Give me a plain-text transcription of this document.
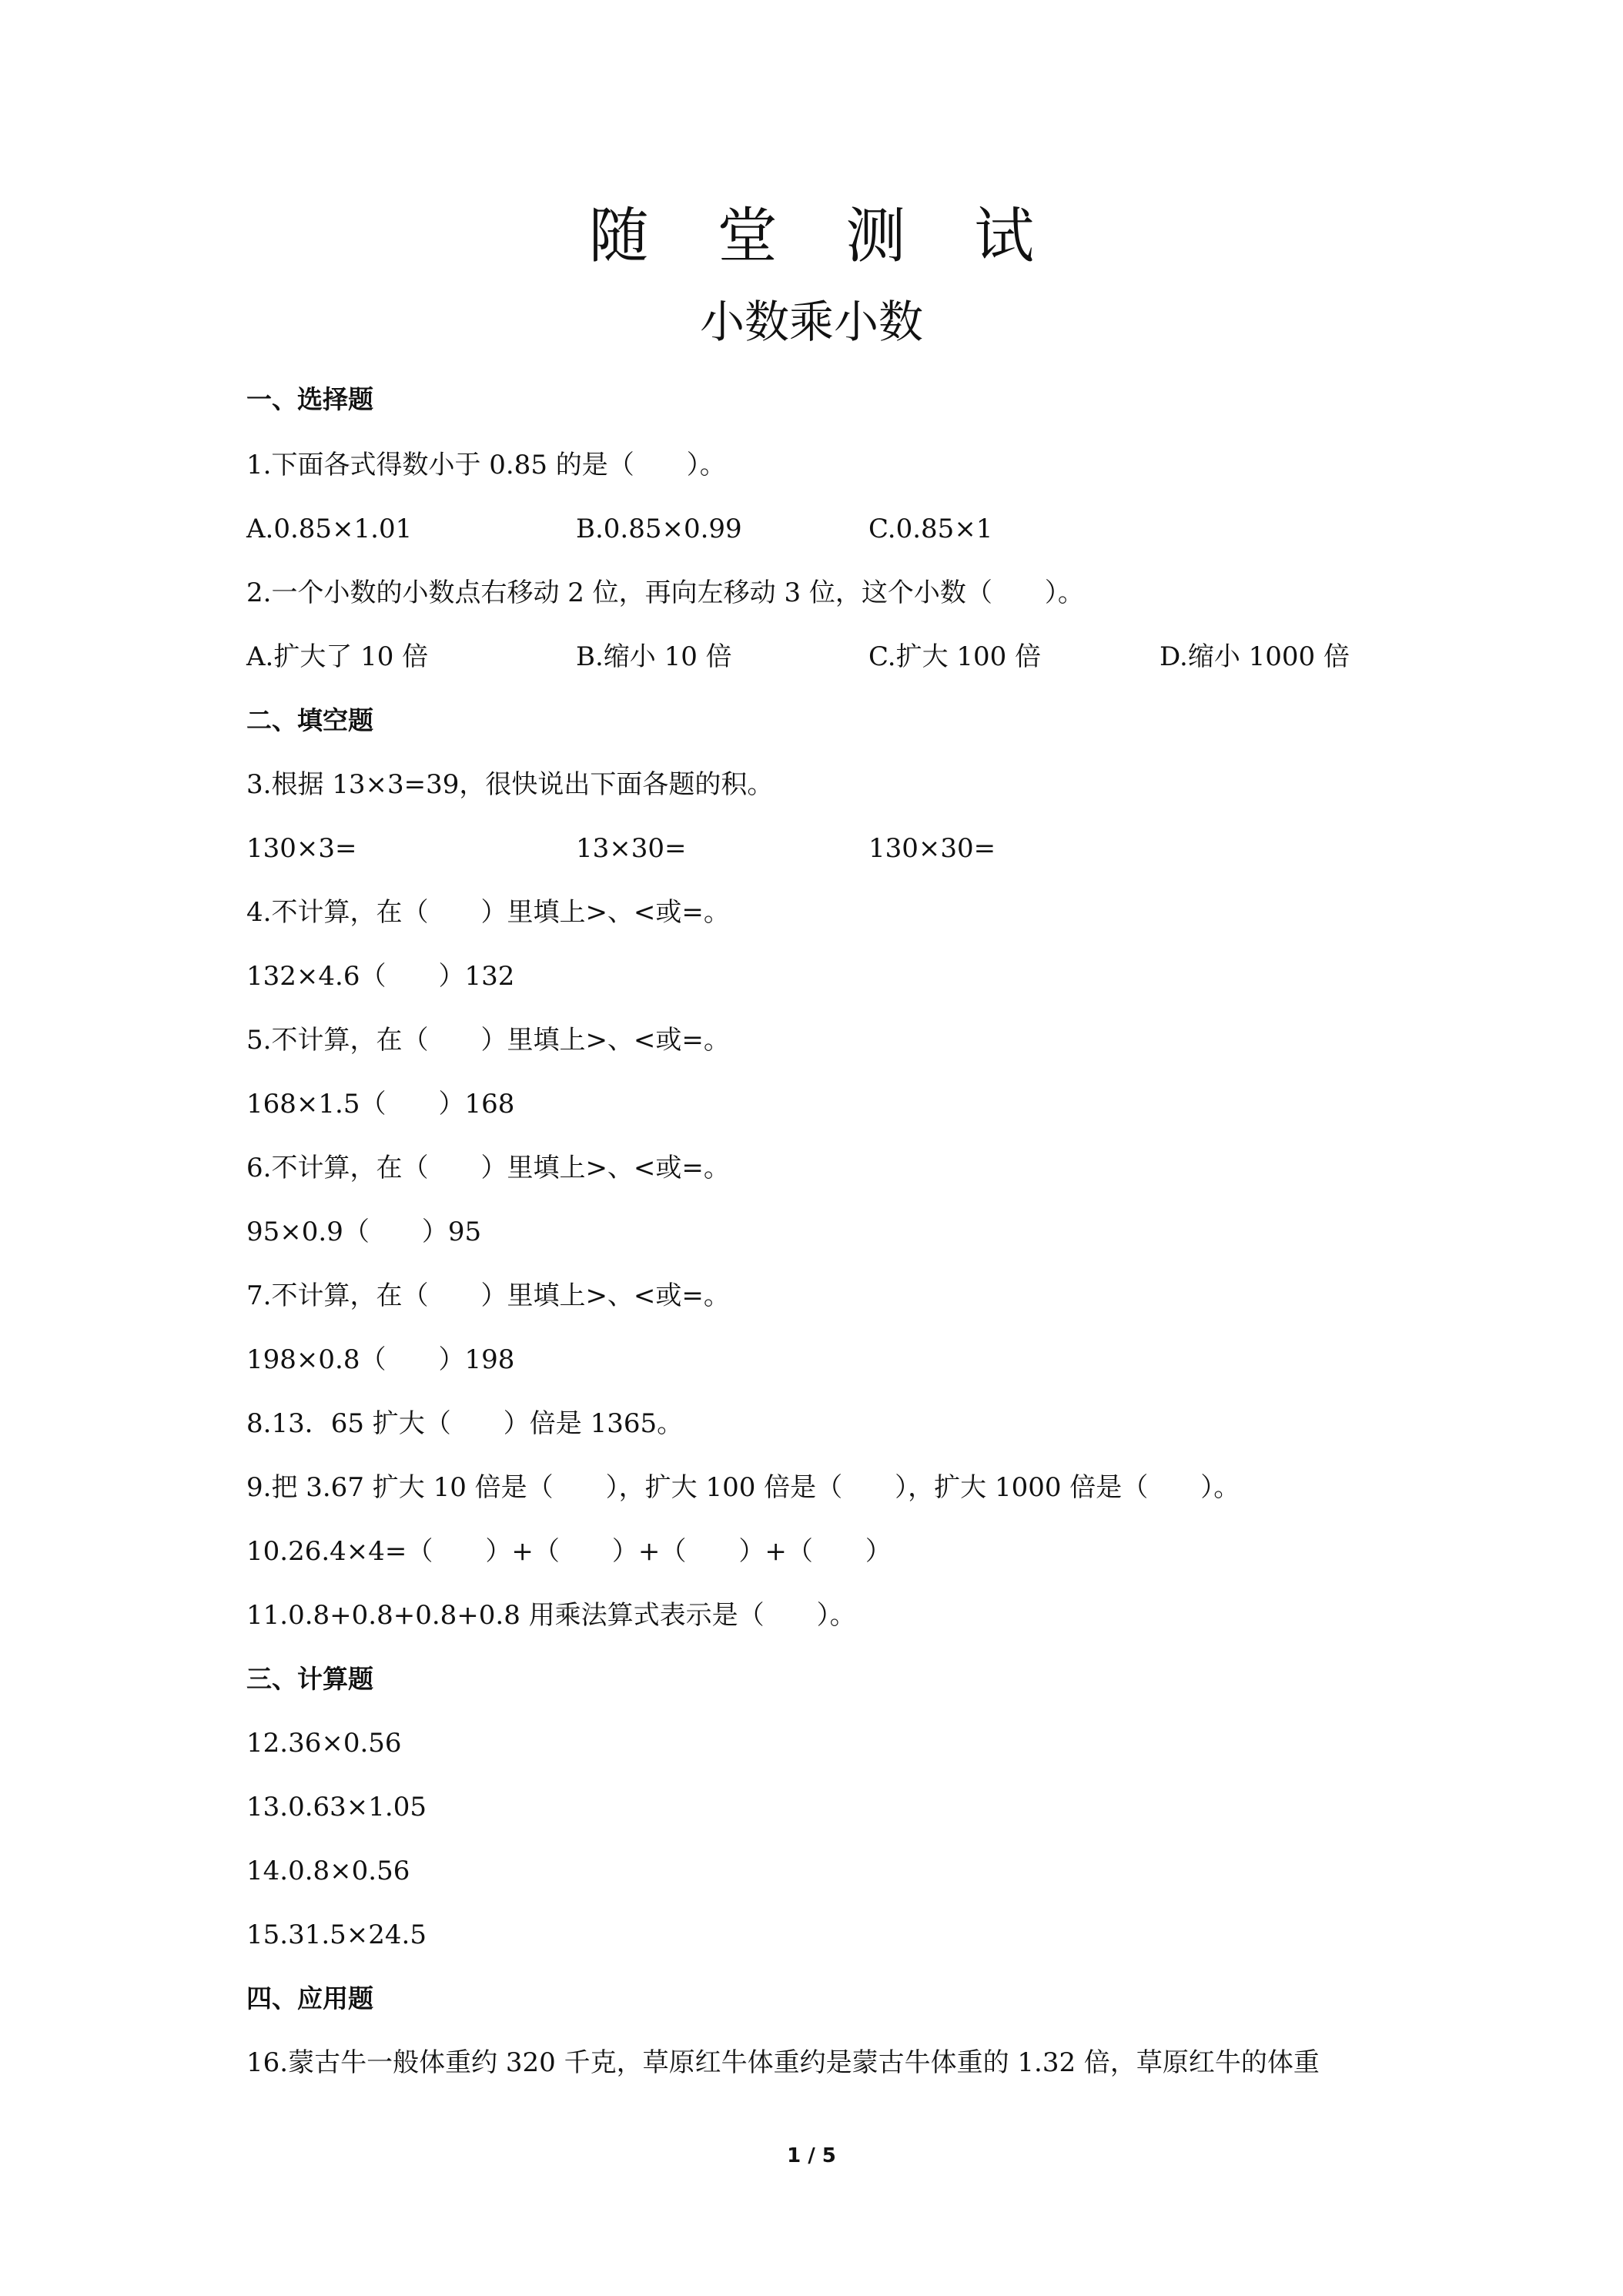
随 堂 测 试
小数乘小数
一、选择题
1.下面各式得数小于 0.85 的是（　　）。
A.0.85×1.01	B.0.85×0.99	C.0.85×1
2.一个小数的小数点右移动 2 位，再向左移动 3 位，这个小数（　　）。
A.扩大了 10 倍	B.缩小 10 倍	C.扩大 100 倍	D.缩小 1000 倍
二、填空题
3.根据 13×3=39，很快说出下面各题的积。
130×3=	13×30=	130×30=
4.不计算，在（　　）里填上>、<或=。
132×4.6（　　）132
5.不计算，在（　　）里填上>、<或=。
168×1.5（　　）168
6.不计算，在（　　）里填上>、<或=。
95×0.9（　　）95
7.不计算，在（　　）里填上>、<或=。
198×0.8（　　）198
8.13．65 扩大（　　）倍是 1365。
9.把 3.67 扩大 10 倍是（　　），扩大 100 倍是（　　），扩大 1000 倍是（　　）。
10.26.4×4=（　　）+（　　）+（　　）+（　　）
11.0.8+0.8+0.8+0.8 用乘法算式表示是（　　）。
三、计算题
12.36×0.56
13.0.63×1.05
14.0.8×0.56
15.31.5×24.5
四、应用题
16.蒙古牛一般体重约 320 千克，草原红牛体重约是蒙古牛体重的 1.32 倍，草原红牛的体重
1 / 5
